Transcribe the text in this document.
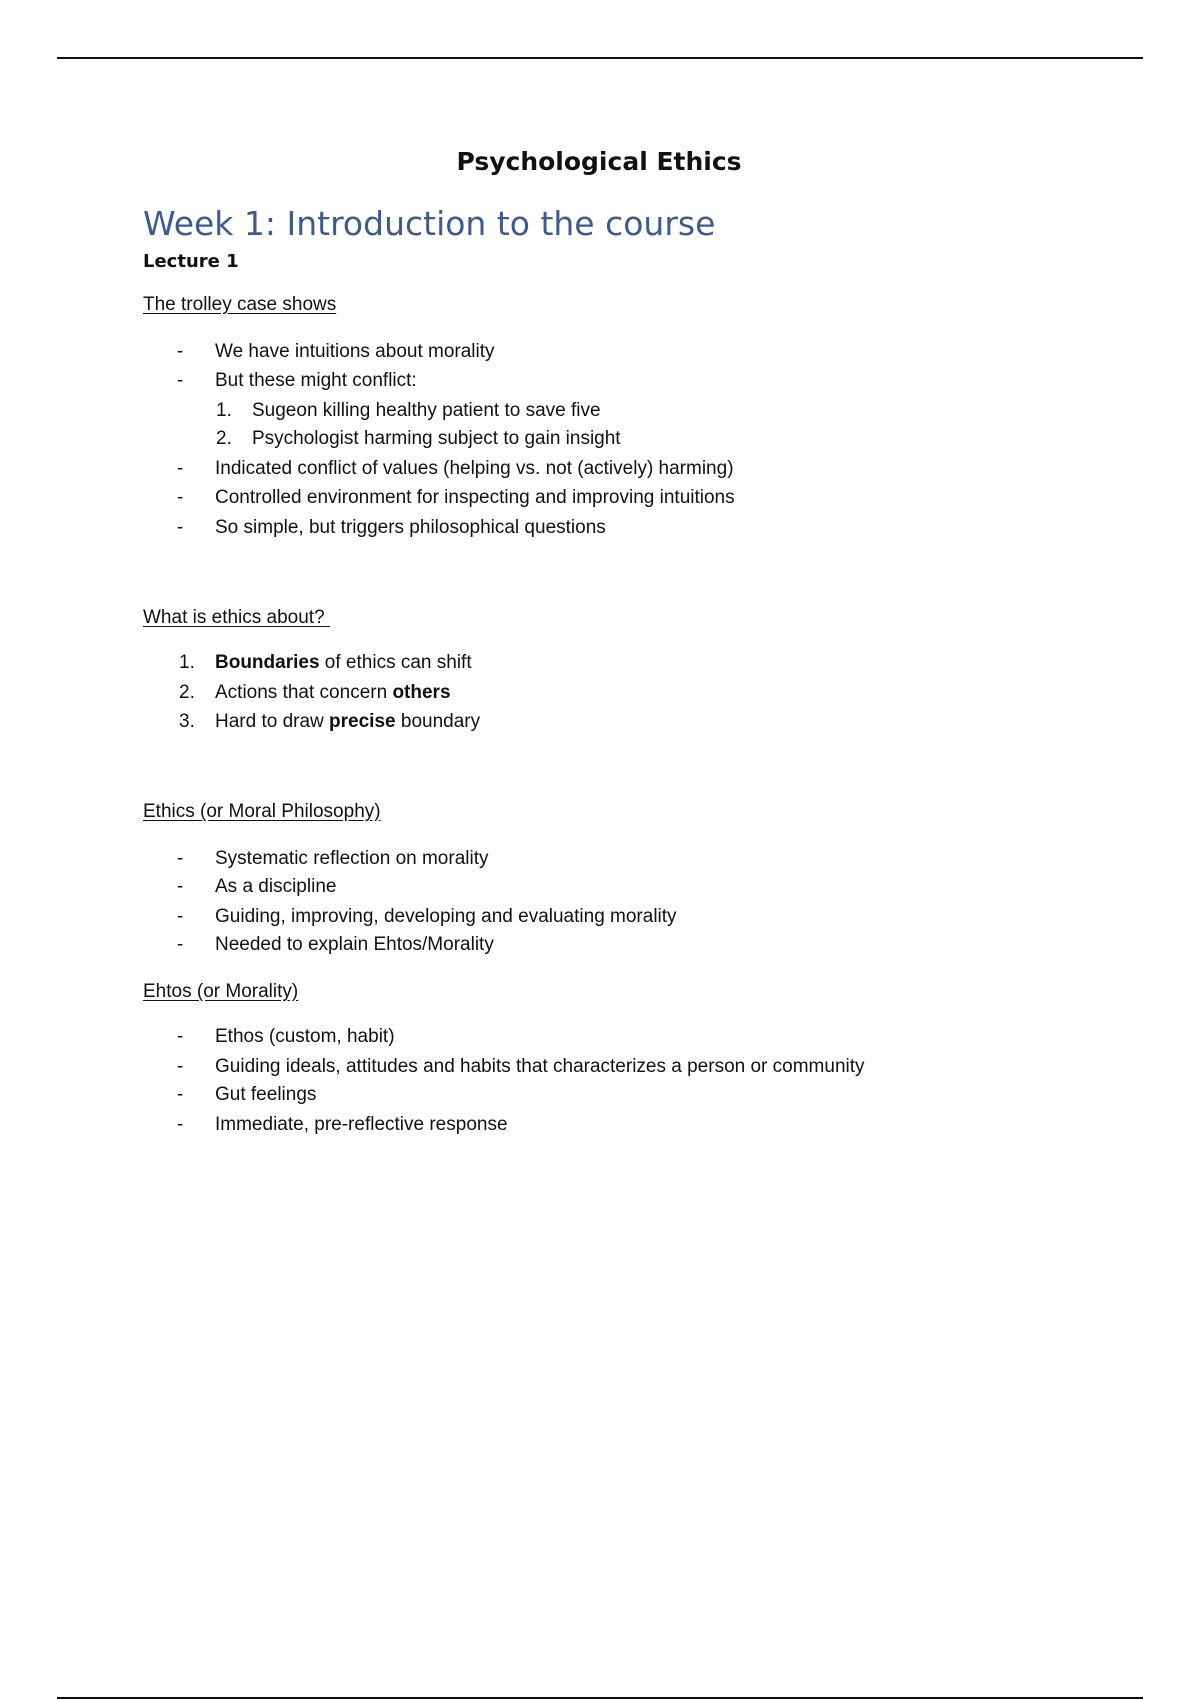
Psychological Ethics
Week 1: Introduction to the course
Lecture 1
The trolley case shows
-	We have intuitions about morality
-	But these might conflict:
1.	Sugeon killing healthy patient to save five
2.	Psychologist harming subject to gain insight
-	Indicated conflict of values (helping vs. not (actively) harming)
-	Controlled environment for inspecting and improving intuitions
-	So simple, but triggers philosophical questions
What is ethics about?
1.	Boundaries of ethics can shift
2.	Actions that concern others
3.	Hard to draw precise boundary
Ethics (or Moral Philosophy)
-	Systematic reflection on morality
-	As a discipline
-	Guiding, improving, developing and evaluating morality
-	Needed to explain Ehtos/Morality
Ehtos (or Morality)
-	Ethos (custom, habit)
-	Guiding ideals, attitudes and habits that characterizes a person or community
-	Gut feelings
-	Immediate, pre-reflective response
